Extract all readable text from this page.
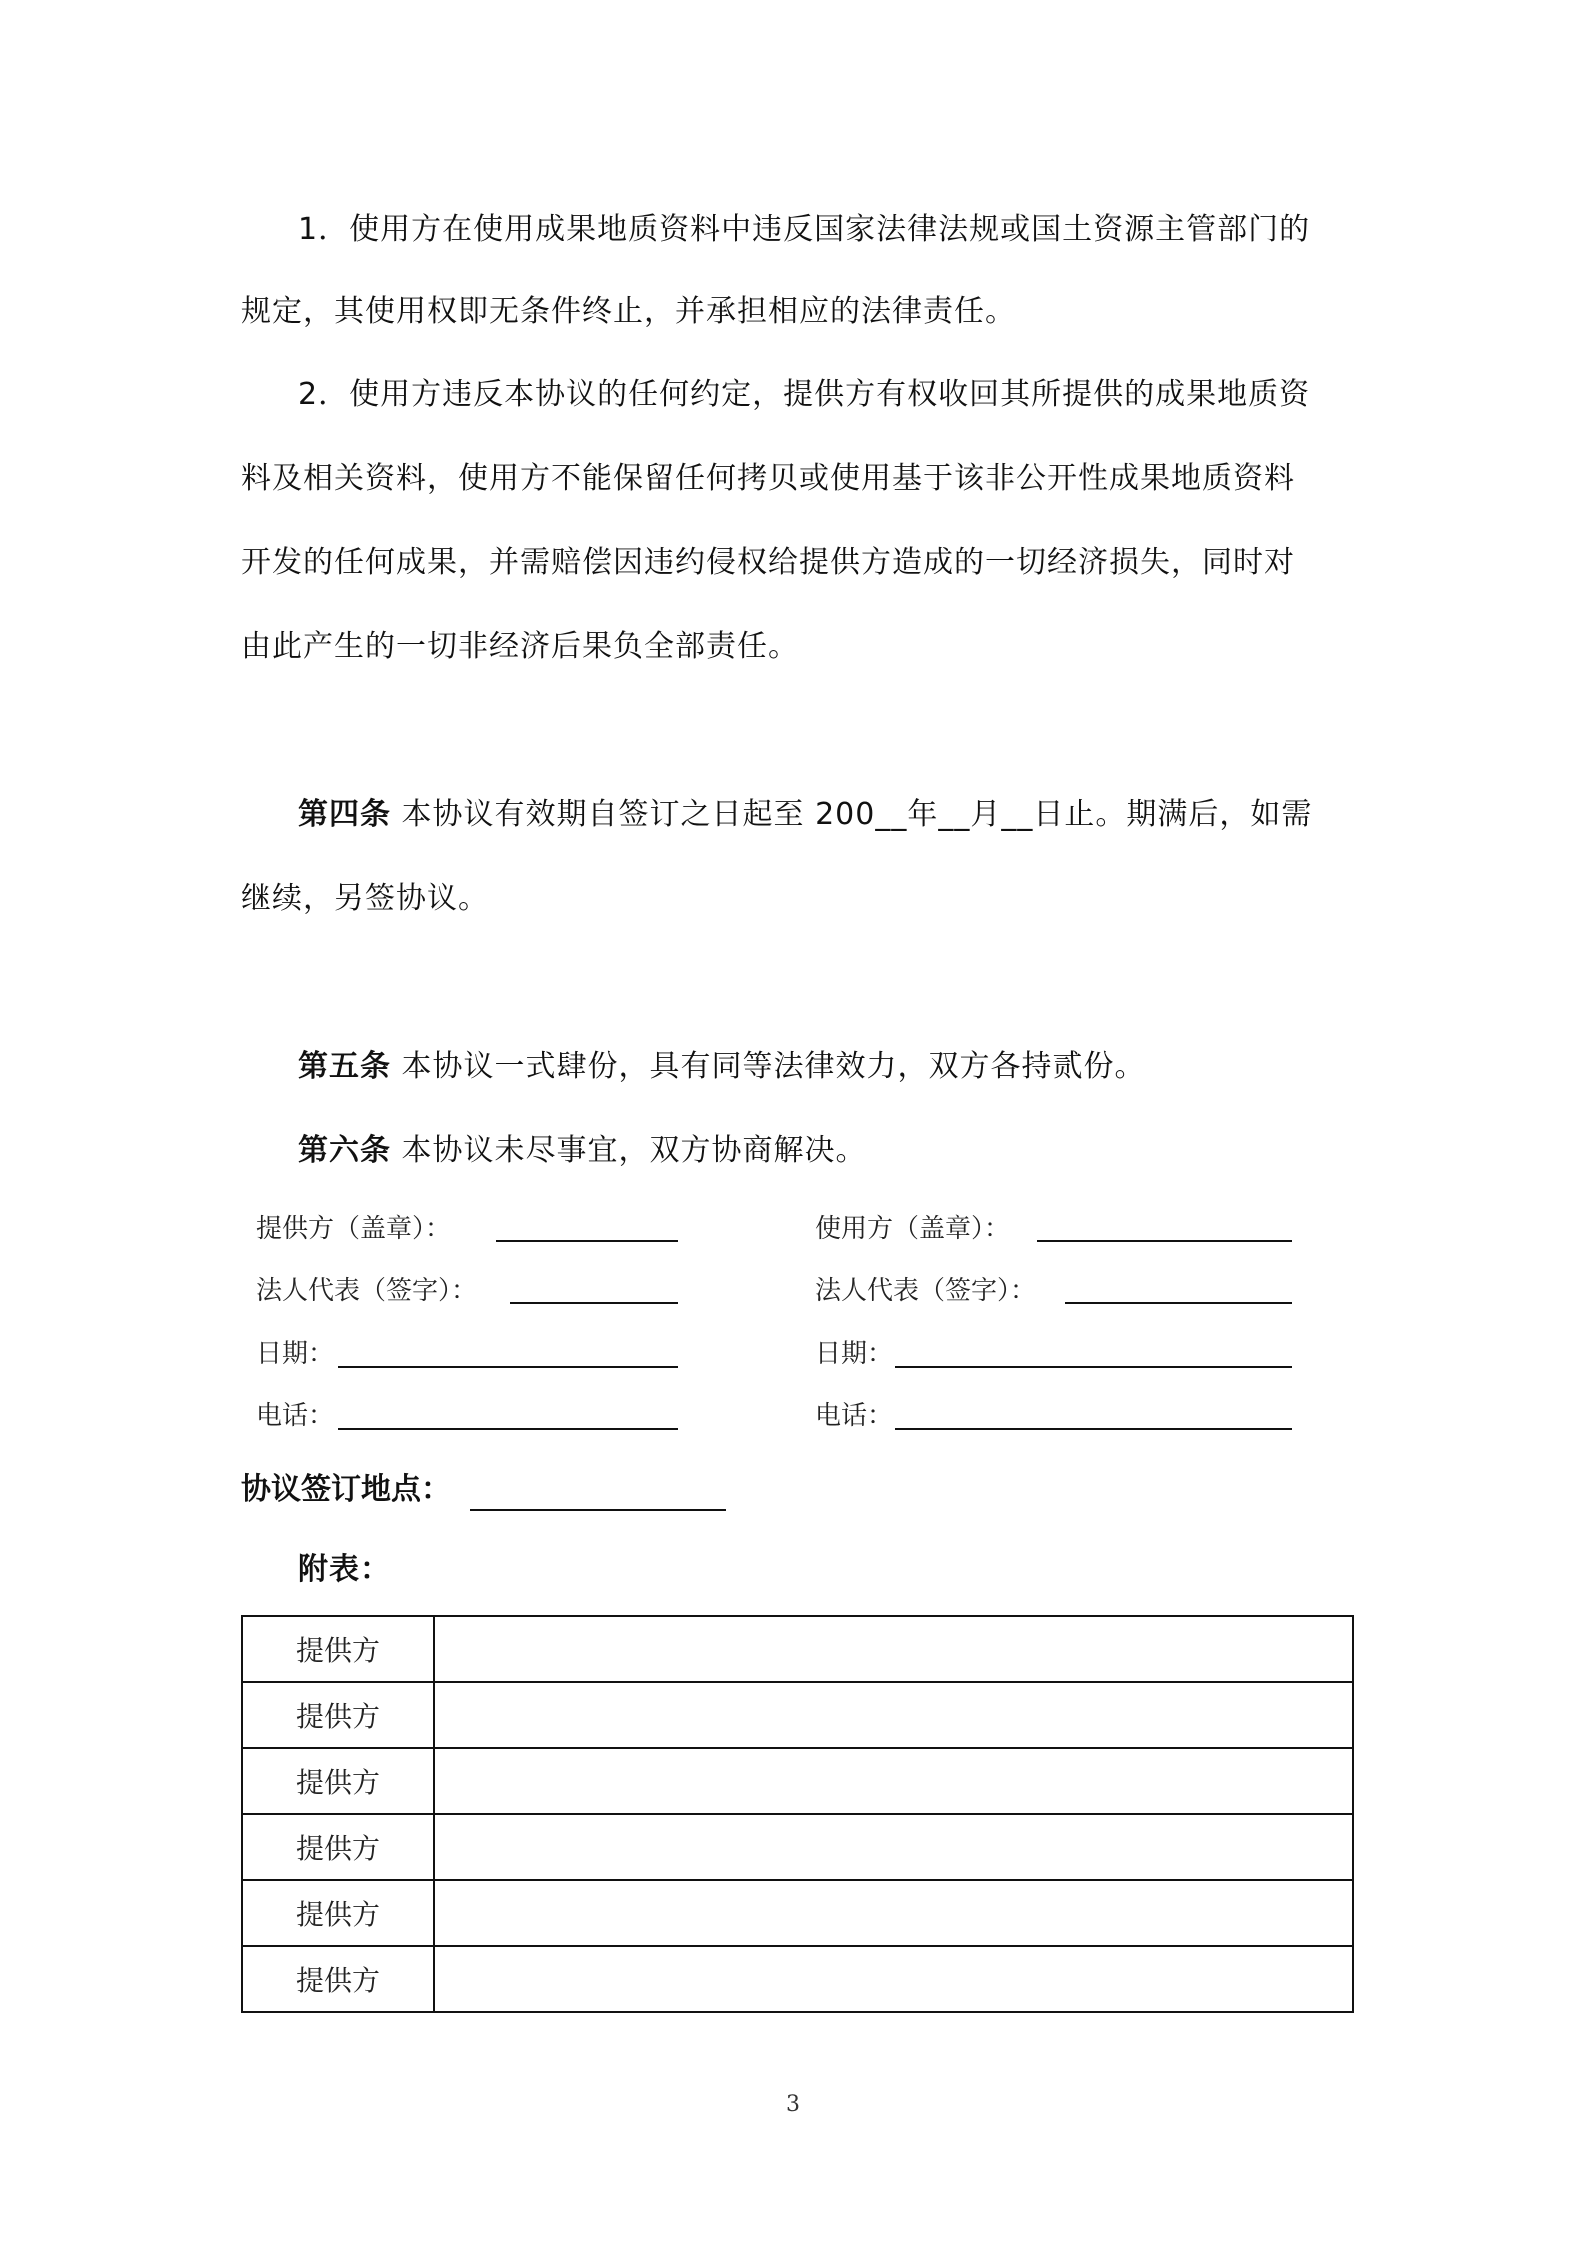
1．使用方在使用成果地质资料中违反国家法律法规或国土资源主管部门的
规定，其使用权即无条件终止，并承担相应的法律责任。
2．使用方违反本协议的任何约定，提供方有权收回其所提供的成果地质资
料及相关资料，使用方不能保留任何拷贝或使用基于该非公开性成果地质资料
开发的任何成果，并需赔偿因违约侵权给提供方造成的一切经济损失，同时对
由此产生的一切非经济后果负全部责任。
第四条 本协议有效期自签订之日起至 200__年__月__日止。期满后，如需
继续，另签协议。
第五条 本协议一式肆份，具有同等法律效力，双方各持贰份。
第六条 本协议未尽事宜，双方协商解决。
提供方（盖章）：
法人代表（签字）：
日期：
电话：
使用方（盖章）：
法人代表（签字）：
日期：
电话：
协议签订地点：
附表：
提供方	
提供方	
提供方	
提供方	
提供方	
提供方	
3
